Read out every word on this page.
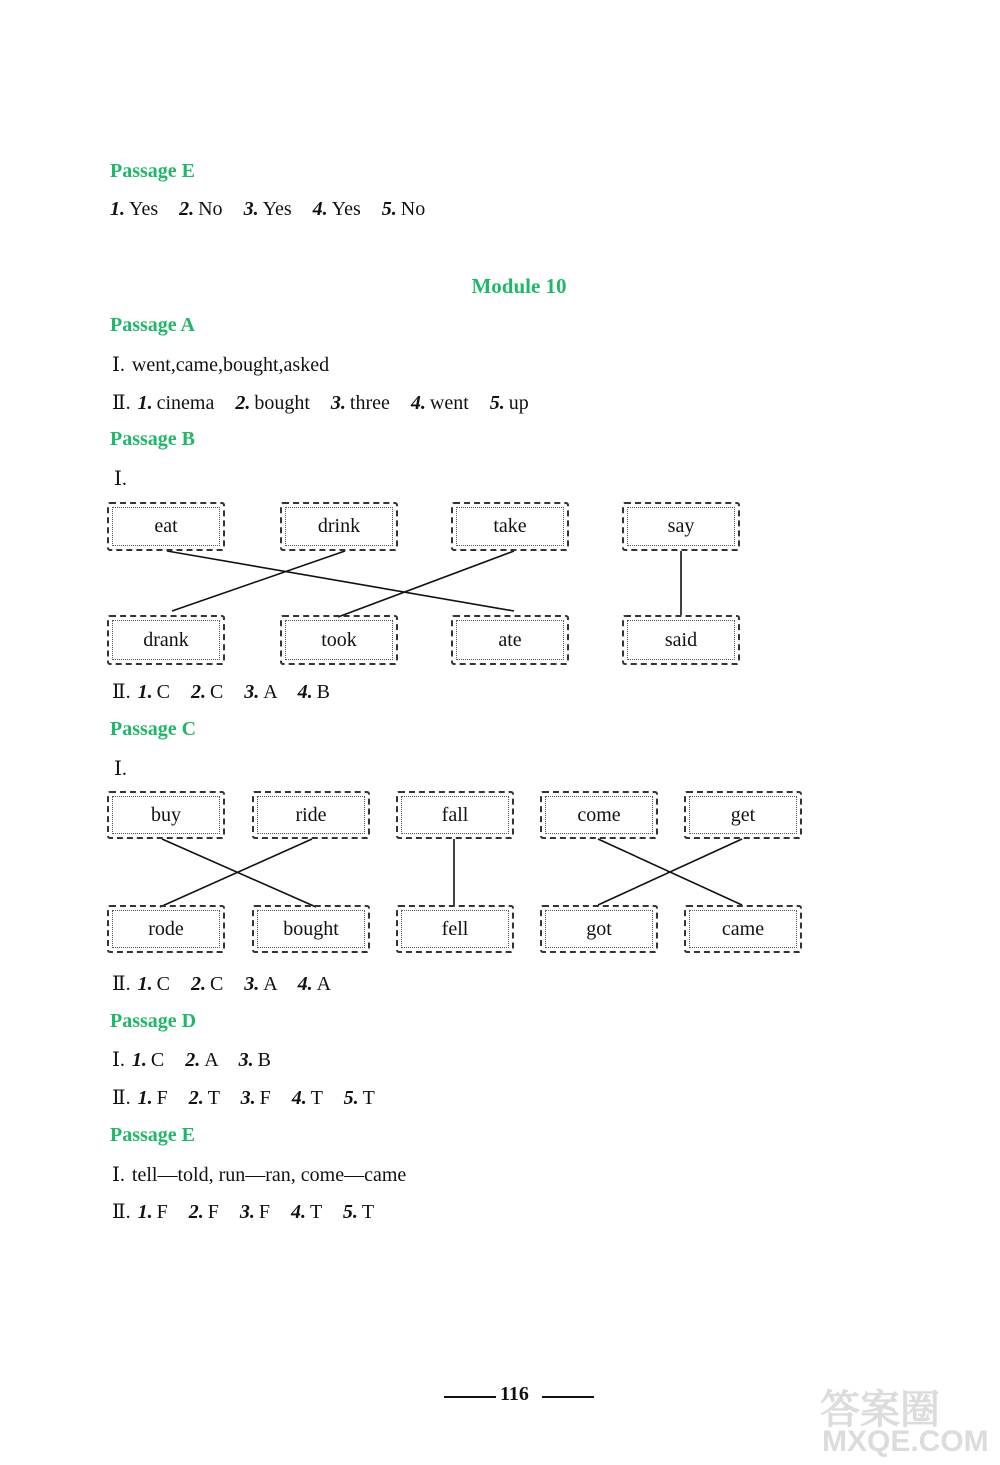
Passage E
1. Yes 2. No 3. Yes 4. Yes 5. No
Module 10
Passage A
Ⅰ. went,came,bought,asked
Ⅱ. 1. cinema 2. bought 3. three 4. went 5. up
Passage B
Ⅰ.
eat	drink	take	say
drank	took	ate	said
Ⅱ. 1. C 2. C 3. A 4. B
Passage C
Ⅰ.
buy	ride	fall	come	get
rode	bought	fell	got	came
Ⅱ. 1. C 2. C 3. A 4. A
Passage D
Ⅰ. 1. C 2. A 3. B
Ⅱ. 1. F 2. T 3. F 4. T 5. T
Passage E
Ⅰ. tell—told, run—ran, come—came
Ⅱ. 1. F 2. F 3. F 4. T 5. T
116	答案圈
MXQE.COM
